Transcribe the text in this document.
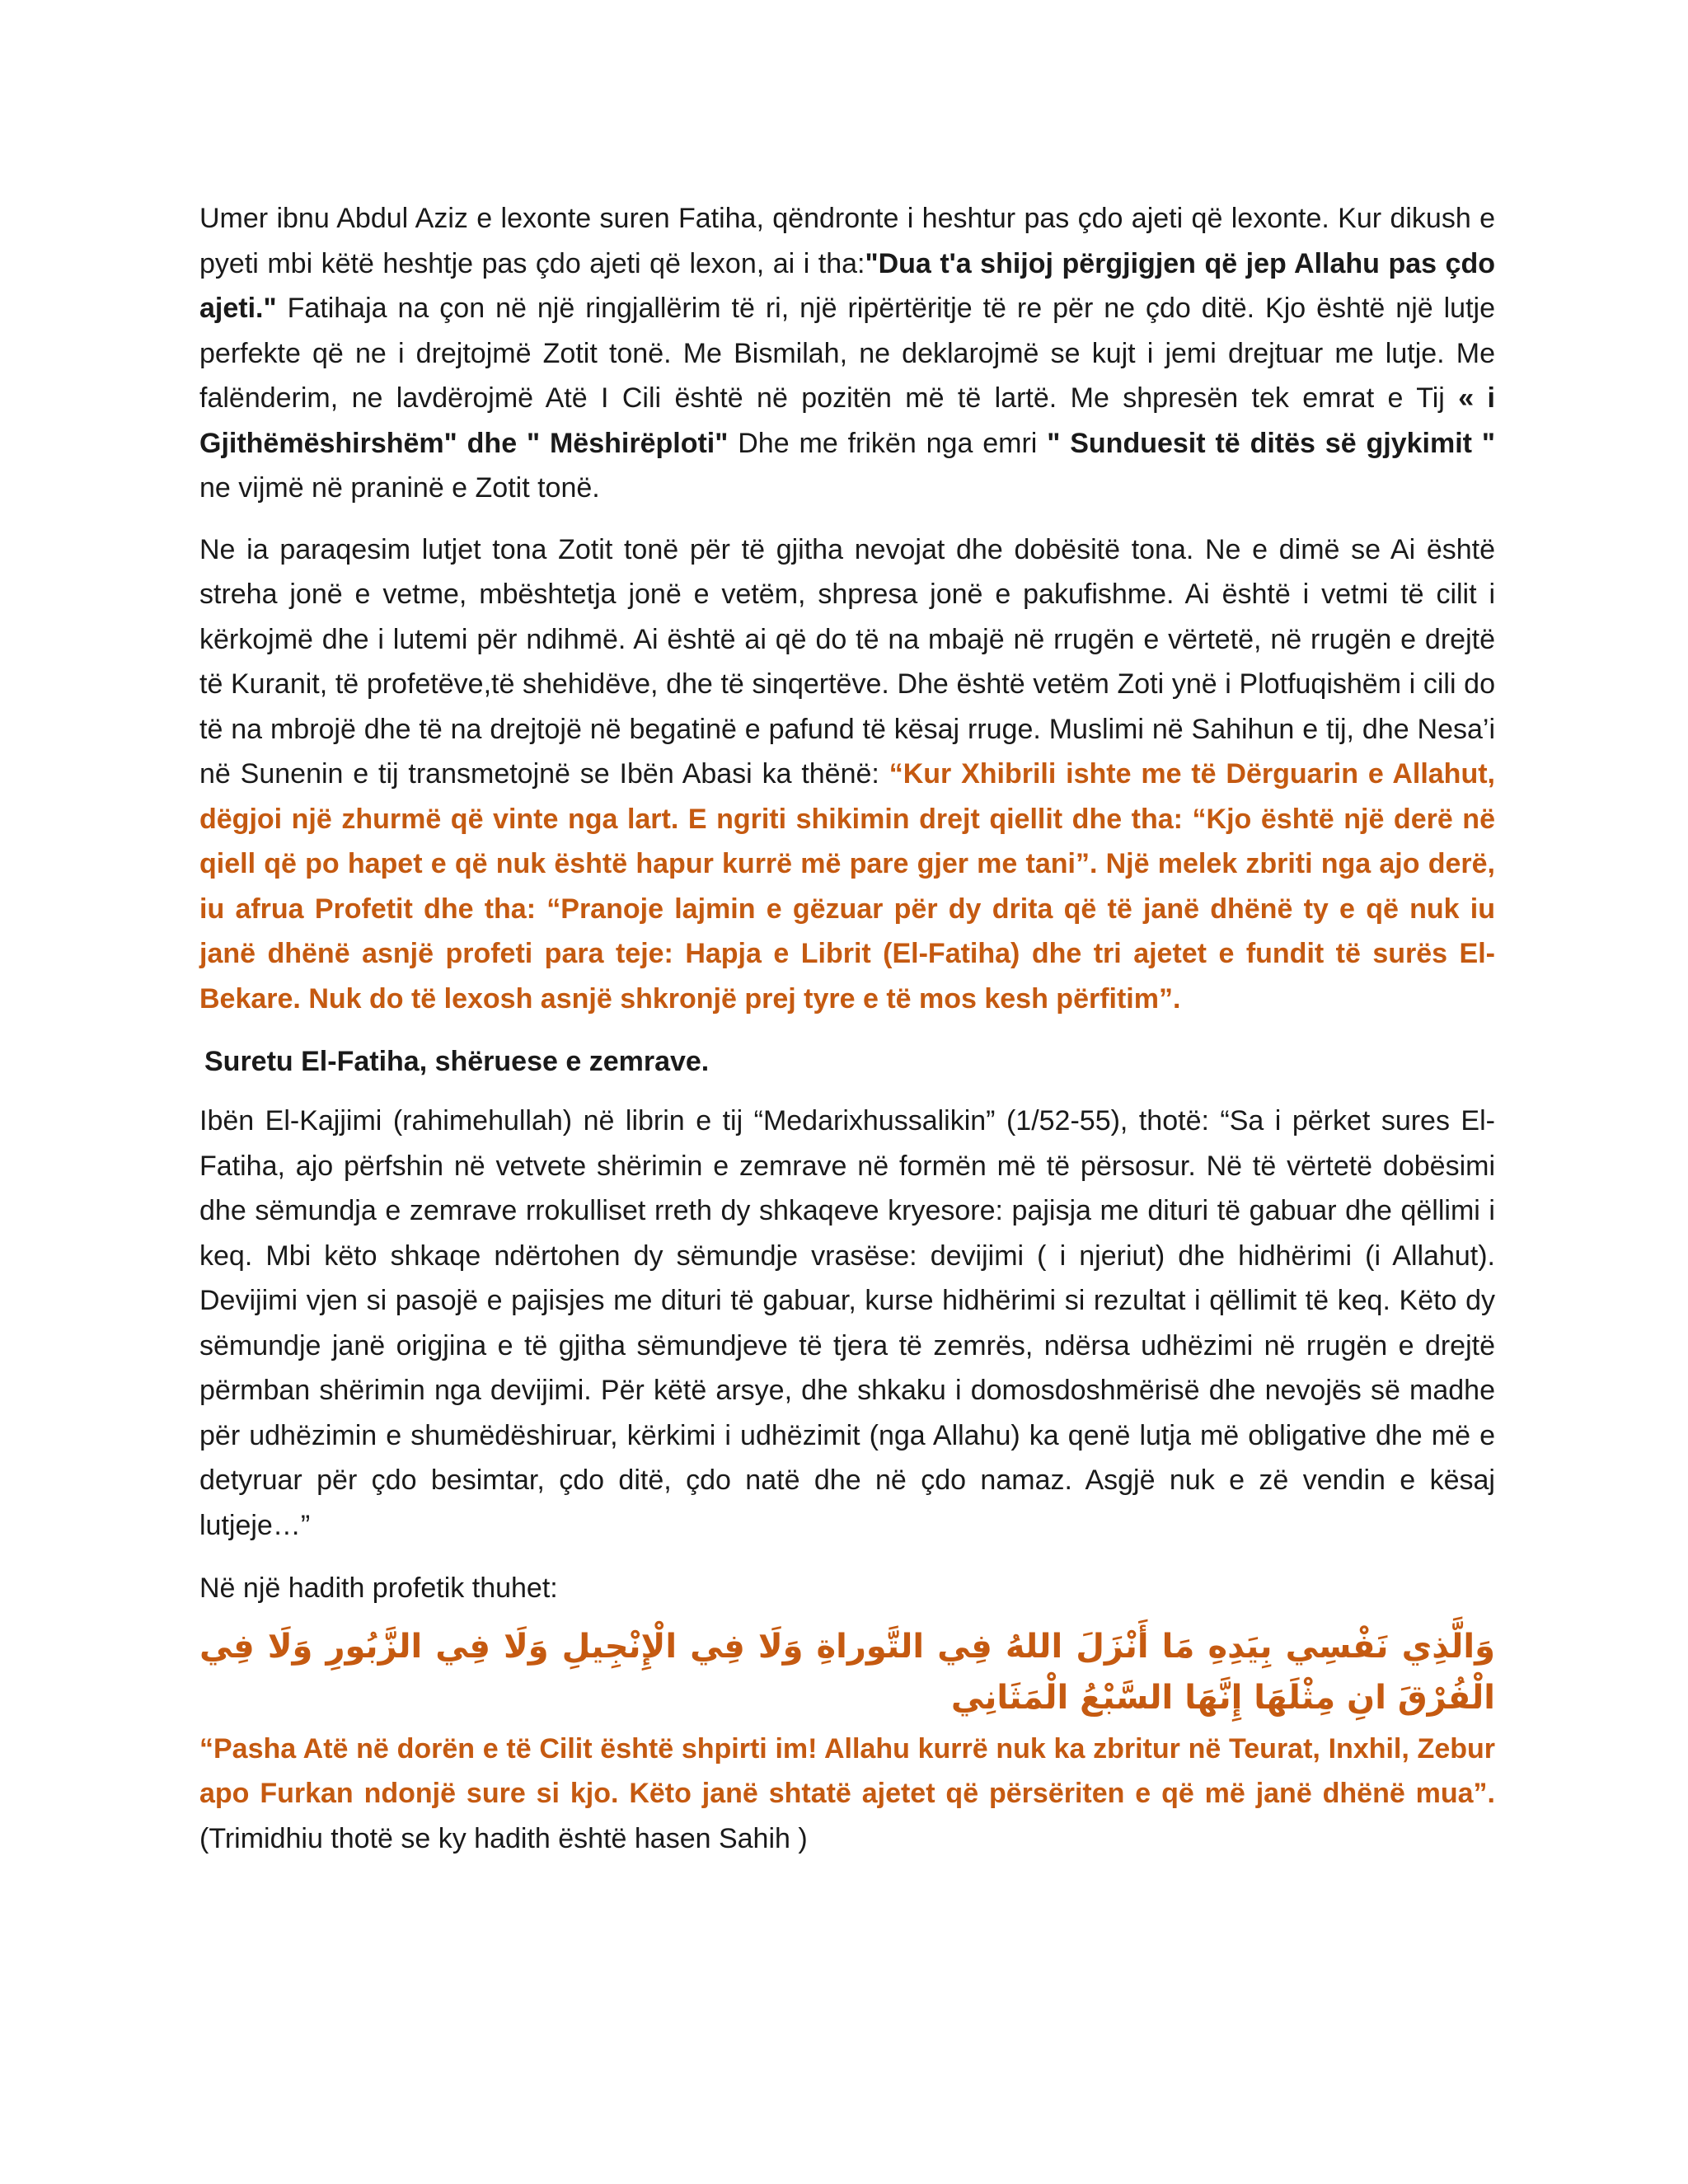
Umer ibnu Abdul Aziz e lexonte suren Fatiha, qëndronte i heshtur pas çdo ajeti që lexonte. Kur dikush e pyeti mbi këtë heshtje pas çdo ajeti që lexon, ai i tha:"Dua t'a shijoj përgjigjen që jep Allahu pas çdo ajeti." Fatihaja na çon në një ringjallërim të ri, një ripërtëritje të re për ne çdo ditë. Kjo është një lutje perfekte që ne i drejtojmë Zotit tonë. Me Bismilah, ne deklarojmë se kujt i jemi drejtuar me lutje. Me falënderim, ne lavdërojmë Atë I Cili është në pozitën më të lartë. Me shpresën tek emrat e Tij « i Gjithëmëshirshëm" dhe " Mëshirëploti" Dhe me frikën nga emri " Sunduesit të ditës së gjykimit " ne vijmë në praninë e Zotit tonë.

Ne ia paraqesim lutjet tona Zotit tonë për të gjitha nevojat dhe dobësitë tona. Ne e dimë se Ai është streha jonë e vetme, mbështetja jonë e vetëm, shpresa jonë e pakufishme. Ai është i vetmi të cilit i kërkojmë dhe i lutemi për ndihmë. Ai është ai që do të na mbajë në rrugën e vërtetë, në rrugën e drejtë të Kuranit, të profetëve,të shehidëve, dhe të sinqertëve. Dhe është vetëm Zoti ynë i Plotfuqishëm i cili do të na mbrojë dhe të na drejtojë në begatinë e pafund të kësaj rruge. Muslimi në Sahihun e tij, dhe Nesa’i në Sunenin e tij transmetojnë se Ibën Abasi ka thënë: “Kur Xhibrili ishte me të Dërguarin e Allahut, dëgjoi një zhurmë që vinte nga lart. E ngriti shikimin drejt qiellit dhe tha: “Kjo është një derë në qiell që po hapet e që nuk është hapur kurrë më pare gjer me tani”. Një melek zbriti nga ajo derë, iu afrua Profetit dhe tha: “Pranoje lajmin e gëzuar për dy drita që të janë dhënë ty e që nuk iu janë dhënë asnjë profeti para teje: Hapja e Librit (El-Fatiha) dhe tri ajetet e fundit të surës El- Bekare. Nuk do të lexosh asnjë shkronjë prej tyre e të mos kesh përfitim”.

Suretu El-Fatiha, shëruese e zemrave.

Ibën El-Kajjimi (rahimehullah) në librin e tij “Medarixhussalikin” (1/52-55), thotë: “Sa i përket sures El-Fatiha, ajo përfshin në vetvete shërimin e zemrave në formën më të përsosur. Në të vërtetë dobësimi dhe sëmundja e zemrave rrokulliset rreth dy shkaqeve kryesore: pajisja me dituri të gabuar dhe qëllimi i keq. Mbi këto shkaqe ndërtohen dy sëmundje vrasëse: devijimi ( i njeriut) dhe hidhërimi (i Allahut). Devijimi vjen si pasojë e pajisjes me dituri të gabuar, kurse hidhërimi si rezultat i qëllimit të keq. Këto dy sëmundje janë origjina e të gjitha sëmundjeve të tjera të zemrës, ndërsa udhëzimi në rrugën e drejtë përmban shërimin nga devijimi. Për këtë arsye, dhe shkaku i domosdoshmërisë dhe nevojës së madhe për udhëzimin e shumëdëshiruar, kërkimi i udhëzimit (nga Allahu) ka qenë lutja më obligative dhe më e detyruar për çdo besimtar, çdo ditë, çdo natë dhe në çdo namaz. Asgjë nuk e zë vendin e kësaj lutjeje…”

Në një hadith profetik thuhet:

وَالَّذِي نَفْسِي بِيَدِهِ مَا أَنْزَلَ اللهُ فِي التَّوراةِ وَلَا فِي الْإِنْجِيلِ وَلَا فِي الزَّبُورِ وَلَا فِي الْفُرْقَ انِ مِثْلَهَا إِنَّهَا السَّبْعُ الْمَثَانِي

“Pasha Atë në dorën e të Cilit është shpirti im! Allahu kurrë nuk ka zbritur në Teurat, Inxhil, Zebur apo Furkan ndonjë sure si kjo. Këto janë shtatë ajetet që përsëriten e që më janë dhënë mua”. (Trimidhiu thotë se ky hadith është hasen Sahih )
